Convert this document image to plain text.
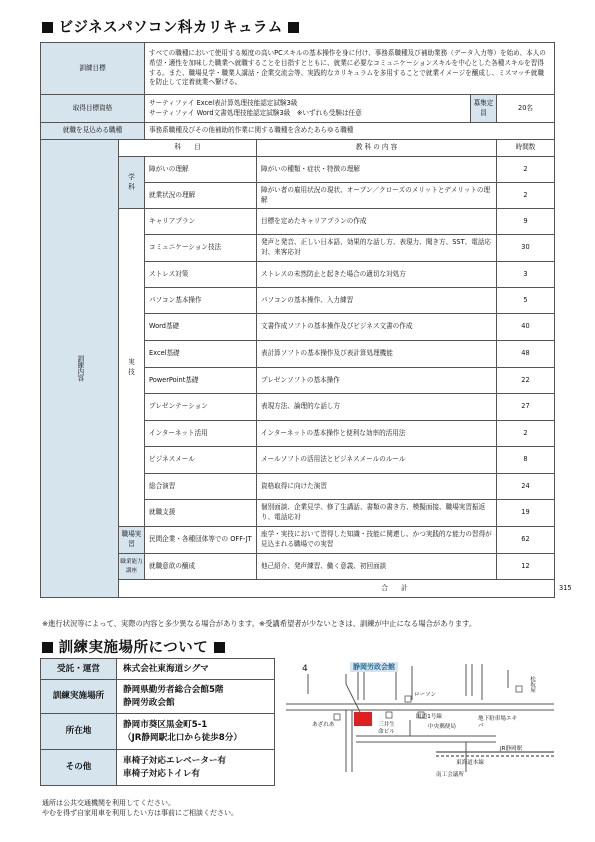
ビジネスパソコン科カリキュラム
訓練目標		すべての職種において使用する頻度の高いPCスキルの基本操作を身に付け、事務系職種及び補助業務（データ入力等）を始め、本人の希望・適性を加味した職業へ就職することを目指すとともに、就業に必要なコミュニケーションスキルを中心とした各種スキルを習得する。また、職場見学・職業人講話・企業交流会等、実践的なカリキュラムを多用することで就業イメージを醸成し、ミスマッチ就職を防止して定着就業へ繋げる。				
取得目標資格		サーティファイ Excel表計算処理技能認定試験3級
サーティファイ Word文書処理技能認定試験3級　※いずれも受験は任意		募集定員	20名	
就職を見込める職種		事務系職種及びその他補助的作業に関する職種を含めたあらゆる職種				

訓練内容	科　　目		教 科 の 内 容		時間数	
	学　科	障がいの理解	障がいの種類・症状・特徴の理解		2	
		就業状況の理解	障がい者の雇用状況の現状、オープン／クローズのメリットとデメリットの理解		2	
	実　技	キャリアプラン	目標を定めたキャリアプランの作成		9	
		コミュニケーション技法	発声と発音、正しい日本語、効果的な話し方、表現力、聞き方、SST、電話応対、来客応対		30	
		ストレス対策	ストレスの未然防止と起きた場合の適切な対処方		3	
		パソコン基本操作	パソコンの基本操作、入力練習		5	
		Word基礎	文書作成ソフトの基本操作及びビジネス文書の作成		40	
		Excel基礎	表計算ソフトの基本操作及び表計算処理機能		48	
		PowerPoint基礎	プレゼンソフトの基本操作		22	
		プレゼンテーション	表現方法、論理的な話し方		27	
		インターネット活用	インターネットの基本操作と便利な効率的活用法		2	
		ビジネスメール	メールソフトの活用法とビジネスメールのルール		8	
		総合演習	資格取得に向けた演習		24	
		就職支援	個別面談、企業見学、修了生講話、書類の書き方、模擬面接、職場実習振返り、電話応対		19	
	職場実習	民間企業・各種団体等での OFF-JT	座学・実技において習得した知識・技能に関連し、かつ実践的な能力の習得が見込まれる職場での実習		62	
	職業能力講座	就職意欲の醸成	他己紹介、発声練習、働く意義、初回面談		12	
	合　　計					315
※進行状況等によって、実際の内容と多少異なる場合があります。※受講希望者が少ないときは、訓練が中止になる場合があります。
訓練実施場所について
受託・運営	株式会社東海道シグマ
訓練実施場所	静岡県勤労者総合会館5階
静岡労政会館

所在地	静岡市葵区黒金町5-1
（JR静岡駅北口から徒歩8分）

その他	車椅子対応エレベーター有
車椅子対応トイレ有
通所は公共交通機関を利用してください。
やむを得ず自家用車を利用したい方は事前にご相談ください。
4	静岡労政会館
ローソン
松坂屋
国道1号線
あざれあ	三井生命ビル
中央郵便局
地下駐車場エキパ
JR静岡駅
東海道本線
南工会議所
